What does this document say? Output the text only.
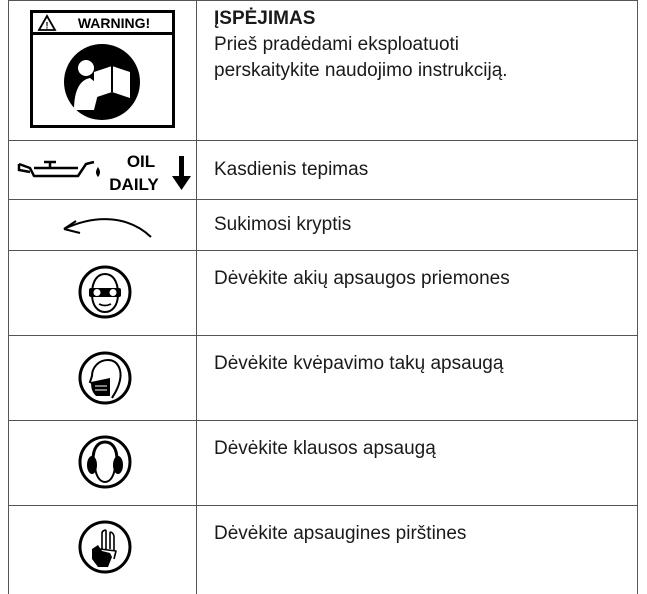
! WARNING!	ĮSPĖJIMAS
Prieš pradėdami eksploatuoti
perskaitykite naudojimo instrukciją.
OIL
DAILY
Kasdienis tepimas
Sukimosi kryptis
Dėvėkite akių apsaugos priemones
Dėvėkite kvėpavimo takų apsaugą
Dėvėkite klausos apsaugą
Dėvėkite apsaugines pirštines
